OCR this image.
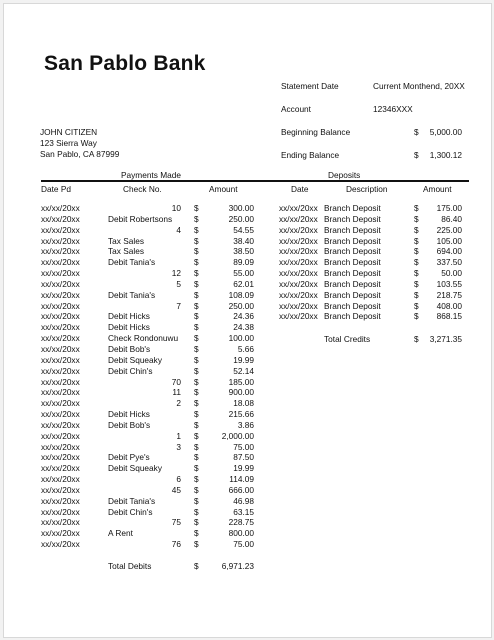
San Pablo Bank
Statement Date	Current Monthend, 20XX
Account	12346XXX
Beginning Balance	$	5,000.00
Ending Balance	$	1,300.12
JOHN CITIZEN
123 Sierra Way
San Pablo, CA 87999
Payments Made	Deposits
Date Pd	Check No.	Amount	Date	Description	Amount
xx/xx/20xx	10 $	300.00
xx/xx/20xx	Debit Robertsons	$	250.00
xx/xx/20xx	4 $	54.55
xx/xx/20xx	Tax Sales	$	38.40
xx/xx/20xx	Tax Sales	$	38.50
xx/xx/20xx	Debit Tania's	$	89.09
xx/xx/20xx	12 $	55.00
xx/xx/20xx	5 $	62.01
xx/xx/20xx	Debit Tania's	$	108.09
xx/xx/20xx	7 $	250.00
xx/xx/20xx	Debit Hicks	$	24.36
xx/xx/20xx	Debit Hicks	$	24.38
xx/xx/20xx	Check Rondonuwu $	100.00
xx/xx/20xx	Debit Bob's	$	5.66
xx/xx/20xx	Debit Squeaky	$	19.99
xx/xx/20xx	Debit Chin's	$	52.14
xx/xx/20xx	70 $	185.00
xx/xx/20xx	11 $	900.00
xx/xx/20xx	2 $	18.08
xx/xx/20xx	Debit Hicks	$	215.66
xx/xx/20xx	Debit Bob's	$	3.86
xx/xx/20xx	1 $	2,000.00
xx/xx/20xx	3 $	75.00
xx/xx/20xx	Debit Pye's	$	87.50
xx/xx/20xx	Debit Squeaky	$	19.99
xx/xx/20xx	6 $	114.09
xx/xx/20xx	45 $	666.00
xx/xx/20xx	Debit Tania's	$	46.98
xx/xx/20xx	Debit Chin's	$	63.15
xx/xx/20xx	75 $	228.75
xx/xx/20xx	A Rent	$	800.00
xx/xx/20xx	76 $	75.00
xx/xx/20xx Branch Deposit	$	175.00
xx/xx/20xx Branch Deposit	$	86.40
xx/xx/20xx Branch Deposit	$	225.00
xx/xx/20xx Branch Deposit	$	105.00
xx/xx/20xx Branch Deposit	$	694.00
xx/xx/20xx Branch Deposit	$	337.50
xx/xx/20xx Branch Deposit	$	50.00
xx/xx/20xx Branch Deposit	$	103.55
xx/xx/20xx Branch Deposit	$	218.75
xx/xx/20xx Branch Deposit	$	408.00
xx/xx/20xx Branch Deposit	$	868.15
Total Debits	$	6,971.23
Total Credits	$	3,271.35
